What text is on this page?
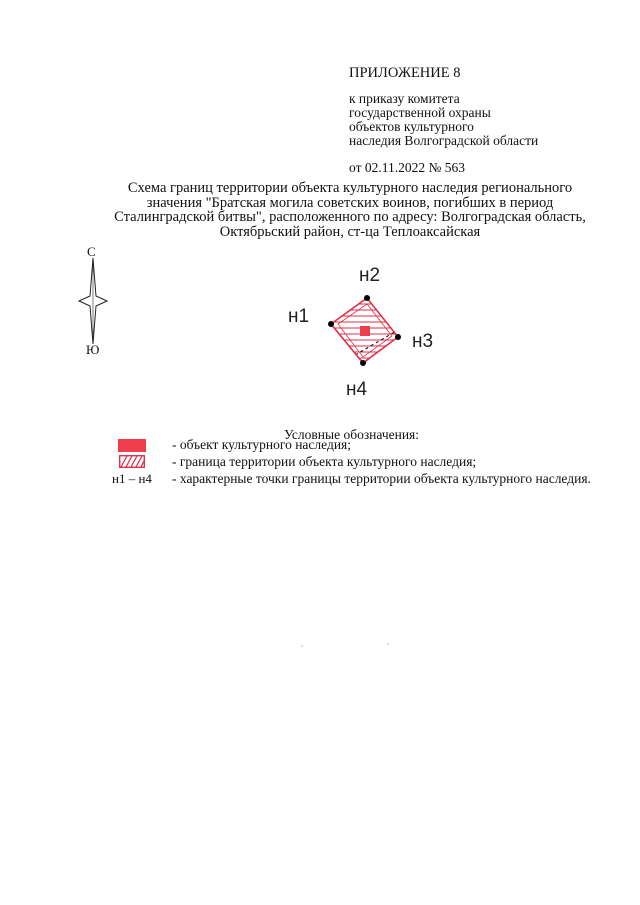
ПРИЛОЖЕНИЕ 8
к приказу комитета
государственной охраны
объектов культурного
наследия Волгоградской области
от 02.11.2022 № 563
Схема границ территории объекта культурного наследия регионального
значения "Братская могила советских воинов, погибших в период
Сталинградской битвы", расположенного по адресу: Волгоградская область,
Октябрьский район, ст-ца Теплоаксайская
С
Ю
н1
н2
н3
н4
Условные обозначения:
- объект культурного наследия;
- граница территории объекта культурного наследия;
н1 – н4 - характерные точки границы территории объекта культурного наследия.
